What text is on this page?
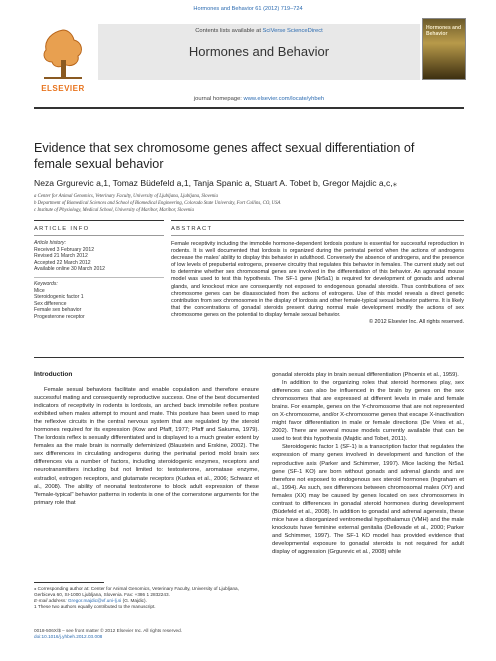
Hormones and Behavior 61 (2012) 719–724
ELSEVIER
Contents lists available at SciVerse ScienceDirect
Hormones and Behavior
Hormones and Behavior
journal homepage: www.elsevier.com/locate/yhbeh
Evidence that sex chromosome genes affect sexual differentiation of female sexual behavior
Neza Grgurevic a,1, Tomaz Büdefeld a,1, Tanja Spanic a, Stuart A. Tobet b, Gregor Majdic a,c,⁎
a Center for Animal Genomics, Veterinary Faculty, University of Ljubljana, Ljubljana, Slovenia
b Department of Biomedical Sciences and School of Biomedical Engineering, Colorado State University, Fort Collins, CO, USA
c Institute of Physiology, Medical School, University of Maribor, Maribor, Slovenia
ARTICLE INFO	ABSTRACT
Article history:
Received 3 February 2012
Revised 21 March 2012
Accepted 22 March 2012
Available online 30 March 2012
Keywords:
Mice
Steroidogenic factor 1
Sex difference
Female sex behavior
Progesterone receptor
Female receptivity including the immobile hormone-dependent lordosis posture is essential for successful reproduction in rodents. It is well documented that lordosis is organized during the perinatal period when the actions of androgens decrease the males' ability to display this behavior in adulthood. Conversely the absence of androgens, and the presence of low levels of prepubertal estrogens, preserve circuitry that regulates this behavior in females. The current study set out to determine whether sex chromosomal genes are involved in the differentiation of this behavior. An agonadal mouse model was used to test this hypothesis. The SF-1 gene (Nr5a1) is required for development of gonads and adrenal glands, and knockout mice are consequently not exposed to endogenous gonadal steroids. Thus contributions of sex chromosome genes can be disassociated from the actions of estrogens. Use of this model reveals a direct genetic contribution from sex chromosomes in the display of lordosis and other female-typical sexual behavior patterns. It is likely that the concentrations of gonadal steroids present during normal male development modify the actions of sex chromosome genes on the potential to display female sexual behavior.
© 2012 Elsevier Inc. All rights reserved.
Introduction

Female sexual behaviors facilitate and enable copulation and therefore ensure successful mating and consequently reproductive success. One of the best documented indicators of receptivity in rodents is lordosis, an arched back immobile reflex posture exhibited when males attempt to mount and mate. This posture has been used to map the reflexive circuits in the central nervous system that are regulated by the steroid hormones required for its expression (Kow and Pfaff, 1977; Pfaff and Sakuma, 1979). The lordosis reflex is sexually differentiated and is displayed to a much greater extent by females as the male brain is normally defeminized (Blaustein and Erskine, 2002). The sex differences in circulating androgens during the perinatal period mold brain sex differences via a number of factors, including steroidogenic enzymes, receptors and neurotransmitters including but not limited to: testosterone, aromatase enzyme, estradiol, estrogen receptors, and glutamate receptors (Kudwa et al., 2006; Schwarz et al., 2008). The ability of neonatal testosterone to block adult expression of these "female-typical" behavior patterns in rodents is one of the cornerstone arguments for the primary role that

gonadal steroids play in brain sexual differentiation (Phoenix et al., 1959).

In addition to the organizing roles that steroid hormones play, sex differences can also be influenced in the brain by genes on the sex chromosomes that are expressed at different levels in male and female brains. For example, genes on the Y-chromosome that are not represented on X-chromosome, and/or X-chromosome genes that escape X-inactivation might favor differentiation in male or female directions (De Vries et al., 2002). There are several mouse models currently available that can be used to test this hypothesis (Majdic and Tobet, 2011).

Steroidogenic factor 1 (SF-1) is a transcription factor that regulates the expression of many genes involved in development and function of the reproductive axis (Parker and Schimmer, 1997). Mice lacking the Nr5a1 gene (SF-1 KO) are born without gonads and adrenal glands and are therefore not exposed to endogenous sex steroid hormones (Ingraham et al., 1994). As such, sex differences between chromosomal males (XY) and females (XX) may be caused by genes located on sex chromosomes in contrast to differences in gonadal steroid hormones during development (Büdefeld et al., 2008). In addition to gonadal and adrenal agenesis, these mice have a disorganized ventromedial hypothalamus (VMH) and the male knockouts have feminine external genitalia (Dellovade et al., 2000; Parker and Schimmer, 1997). The SF-1 KO model has provided evidence that developmental exposure to gonadal steroids is not required for adult display of aggression (Grgurevic et al., 2008) while

⁎ Corresponding author at: Center for Animal Genomics, Veterinary Faculty, University of Ljubljana, Gerbiceva 60, SI-1000 Ljubljana, Slovenia. Fax: +386 1 2832243.
E-mail address: Gregor.majdic@vf.uni-lj.si (G. Majdic).
1 These two authors equally contributed to the manuscript.
0018-506X/$ – see front matter © 2012 Elsevier Inc. All rights reserved.
doi:10.1016/j.yhbeh.2012.03.008
